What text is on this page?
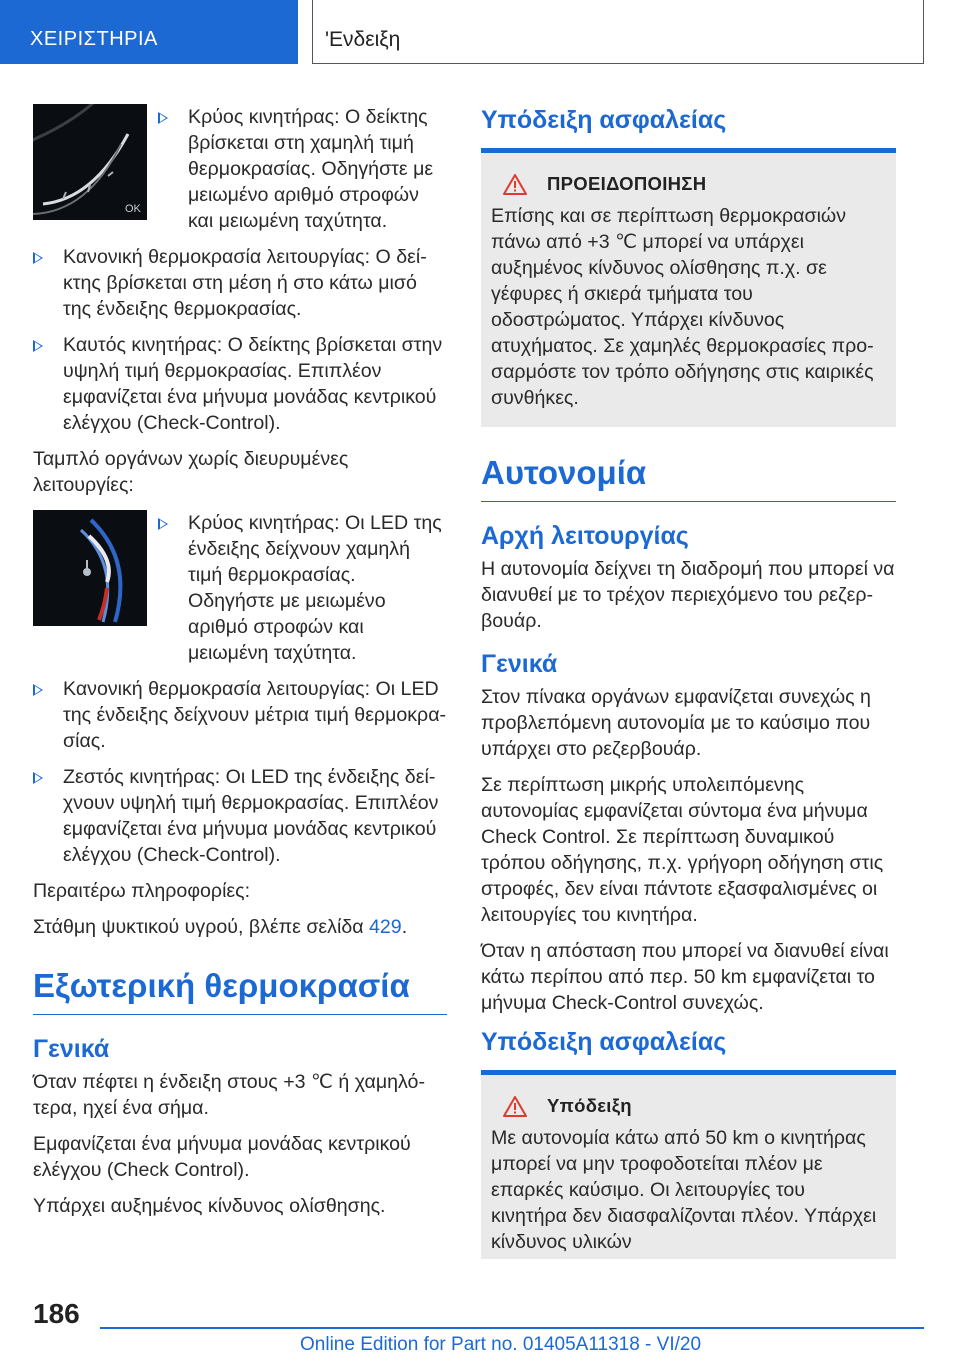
ΧΕΙΡΙΣΤΗΡΙΑ	'Ενδειξη
OK
Κρύος κινητήρας: Ο δείκτης βρίσκεται στη χαμηλή τιμή θερμοκρασίας. Οδηγήστε με μειωμένο αριθμό στροφών και μειωμένη ταχύτητα.
Κανονική θερμοκρασία λειτουργίας: Ο δείκτης βρίσκεται στη μέση ή στο κάτω μισό της ένδειξης θερμοκρασίας.
Καυτός κινητήρας: Ο δείκτης βρίσκεται στην υψηλή τιμή θερμοκρασίας. Επιπλέον εμφανίζεται ένα μήνυμα μονάδας κεντρικού ελέγχου (Check-Control).

Ταμπλό οργάνων χωρίς διευρυμένες λειτουργίες:

Κρύος κινητήρας: Οι LED της ένδειξης δείχνουν χαμηλή τιμή θερμοκρασίας. Οδηγήστε με μειωμένο αριθμό στροφών και μειωμένη ταχύτητα.
Κανονική θερμοκρασία λειτουργίας: Οι LED της ένδειξης δείχνουν μέτρια τιμή θερμοκρασίας.
Ζεστός κινητήρας: Οι LED της ένδειξης δείχνουν υψηλή τιμή θερμοκρασίας. Επιπλέον εμφανίζεται ένα μήνυμα μονάδας κεντρικού ελέγχου (Check-Control).

Περαιτέρω πληροφορίες:

Στάθμη ψυκτικού υγρού, βλέπε σελίδα 429.

Εξωτερική θερμοκρασία
Γενικά

Όταν πέφτει η ένδειξη στους +3 ℃ ή χαμηλότερα, ηχεί ένα σήμα.

Εμφανίζεται ένα μήνυμα μονάδας κεντρικού ελέγχου (Check Control).

Υπάρχει αυξημένος κίνδυνος ολίσθησης.

Υπόδειξη ασφαλείας
ΠΡΟΕΙΔΟΠΟΙΗΣΗ

Επίσης και σε περίπτωση θερμοκρασιών πάνω από +3 ℃ μπορεί να υπάρχει αυξημένος κίνδυνος ολίσθησης π.χ. σε γέφυρες ή σκιερά τμήματα του οδοστρώματος. Υπάρχει κίνδυνος ατυχήματος. Σε χαμηλές θερμοκρασίες προσαρμόστε τον τρόπο οδήγησης στις καιρικές συνθήκες.

Αυτονομία
Αρχή λειτουργίας

Η αυτονομία δείχνει τη διαδρομή που μπορεί να διανυθεί με το τρέχον περιεχόμενο του ρεζερβουάρ.

Γενικά

Στον πίνακα οργάνων εμφανίζεται συνεχώς η προβλεπόμενη αυτονομία με το καύσιμο που υπάρχει στο ρεζερβουάρ.

Σε περίπτωση μικρής υπολειπόμενης αυτονομίας εμφανίζεται σύντομα ένα μήνυμα Check Control. Σε περίπτωση δυναμικού τρόπου οδήγησης, π.χ. γρήγορη οδήγηση στις στροφές, δεν είναι πάντοτε εξασφαλισμένες οι λειτουργίες του κινητήρα.

Όταν η απόσταση που μπορεί να διανυθεί είναι κάτω περίπου από περ. 50 km εμφανίζεται το μήνυμα Check-Control συνεχώς.

Υπόδειξη ασφαλείας
Υπόδειξη

Με αυτονομία κάτω από 50 km ο κινητήρας μπορεί να μην τροφοδοτείται πλέον με επαρκές καύσιμο. Οι λειτουργίες του κινητήρα δεν διασφαλίζονται πλέον. Υπάρχει κίνδυνος υλικών

186
Online Edition for Part no. 01405A11318 - VI/20
